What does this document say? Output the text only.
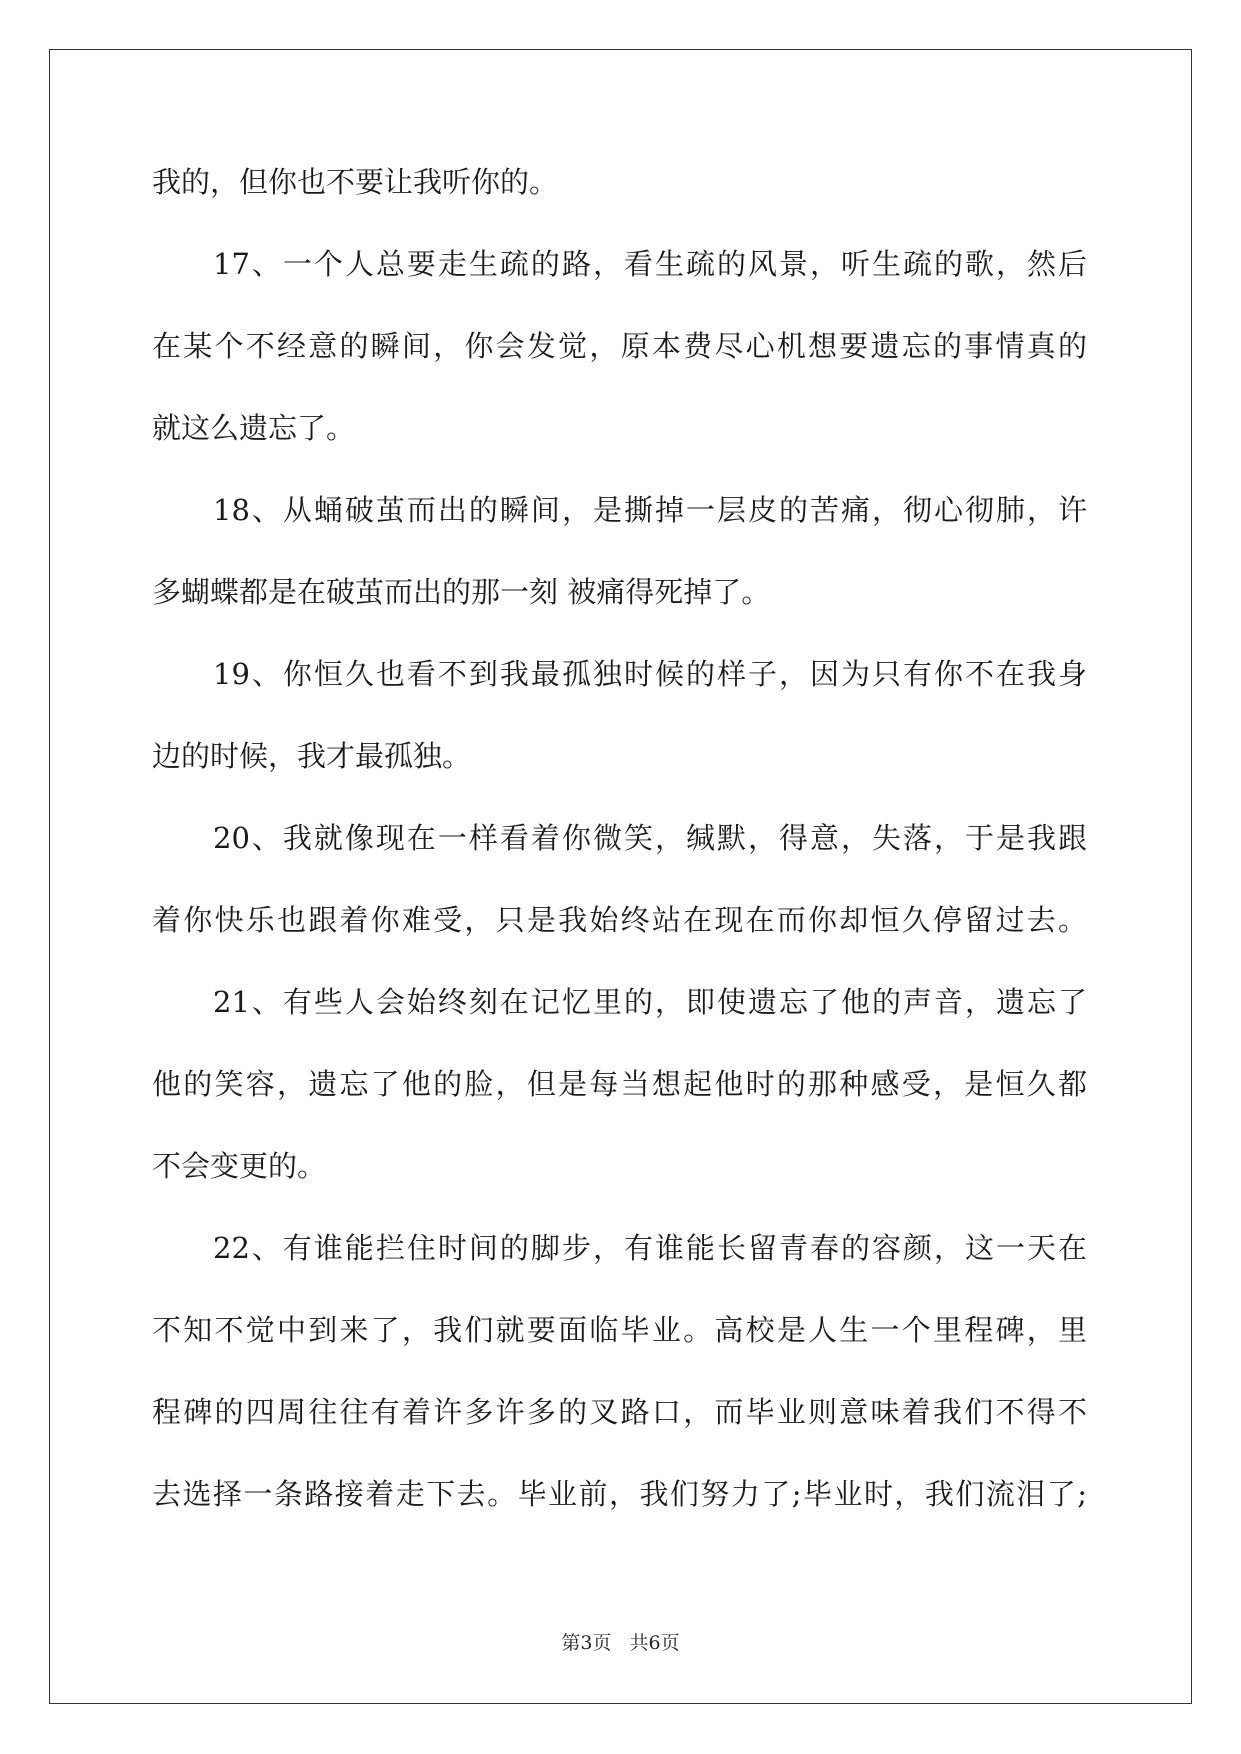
我的，但你也不要让我听你的。
17、一个人总要走生疏的路，看生疏的风景，听生疏的歌，然后
在某个不经意的瞬间，你会发觉，原本费尽心机想要遗忘的事情真的
就这么遗忘了。
18、从蛹破茧而出的瞬间，是撕掉一层皮的苦痛，彻心彻肺，许
多蝴蝶都是在破茧而出的那一刻 被痛得死掉了。
19、你恒久也看不到我最孤独时候的样子，因为只有你不在我身
边的时候，我才最孤独。
20、我就像现在一样看着你微笑，缄默，得意，失落，于是我跟
着你快乐也跟着你难受，只是我始终站在现在而你却恒久停留过去。
21、有些人会始终刻在记忆里的，即使遗忘了他的声音，遗忘了
他的笑容，遗忘了他的脸，但是每当想起他时的那种感受，是恒久都
不会变更的。
22、有谁能拦住时间的脚步，有谁能长留青春的容颜，这一天在
不知不觉中到来了，我们就要面临毕业。高校是人生一个里程碑，里
程碑的四周往往有着许多许多的叉路口，而毕业则意味着我们不得不
去选择一条路接着走下去。毕业前，我们努力了;毕业时，我们流泪了;
第3页 共6页
